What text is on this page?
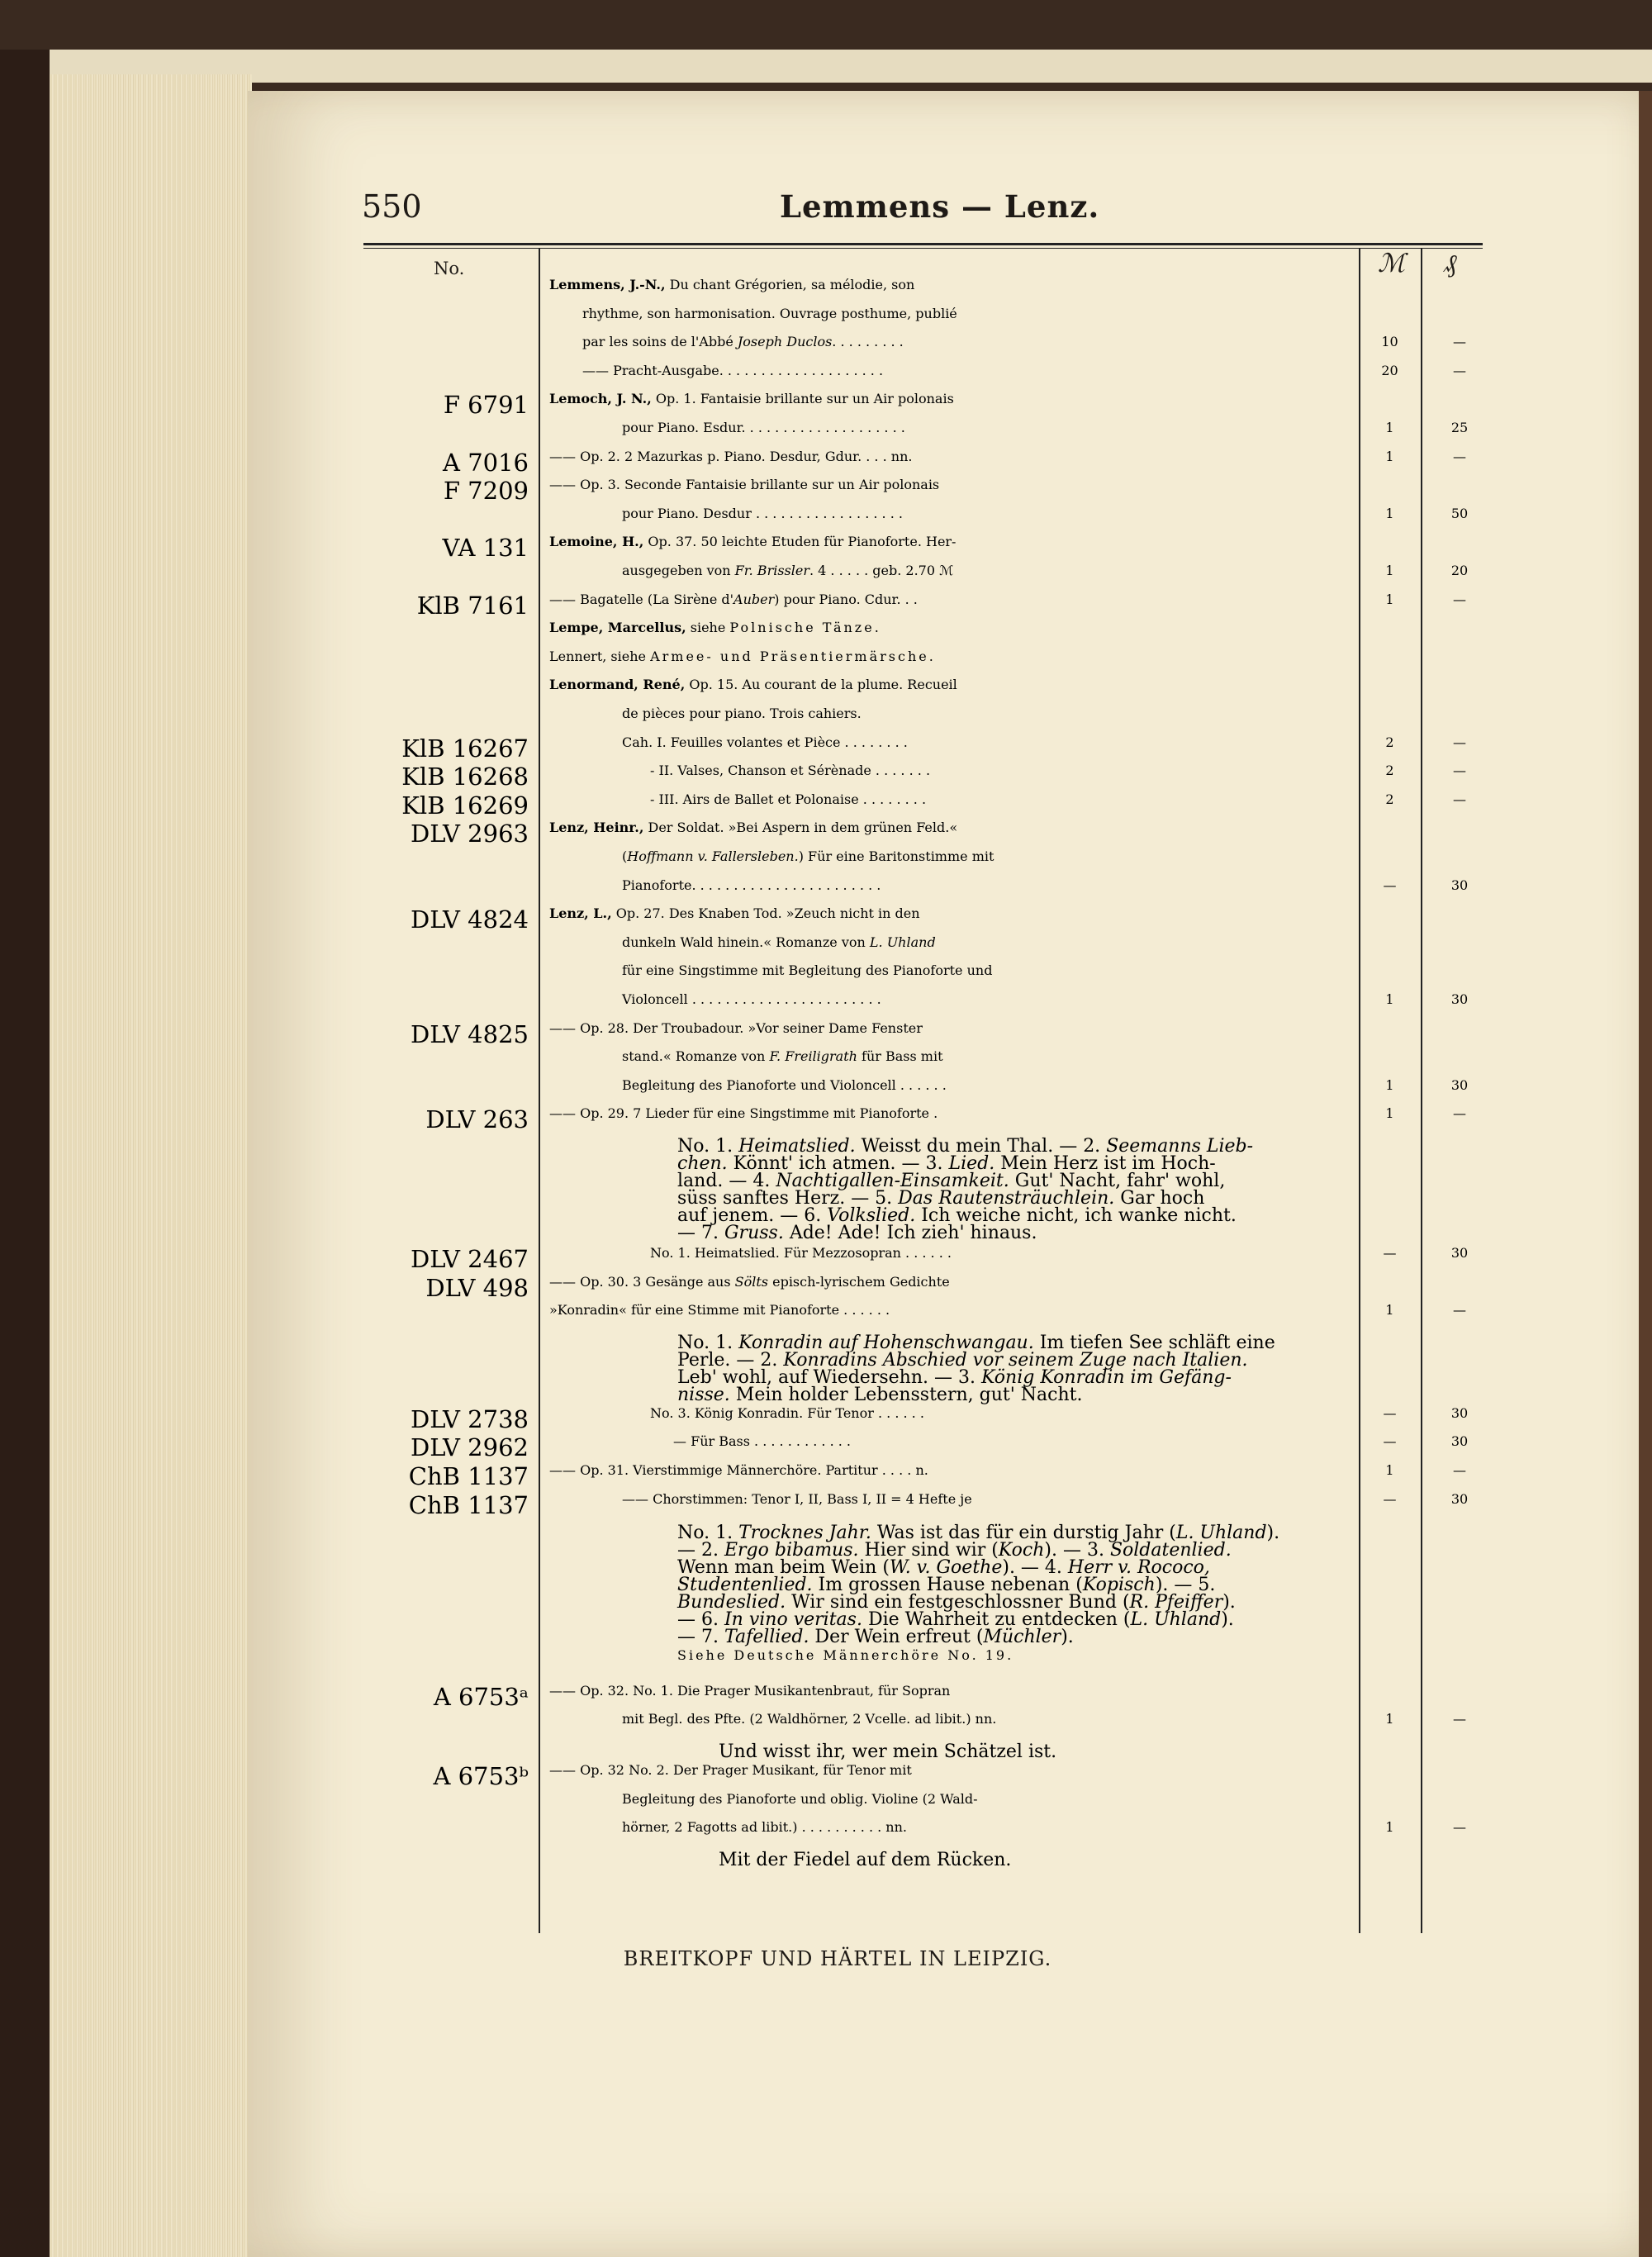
550	Lemmens — Lenz.
No.	ℳ ₰
Lemmens, J.-N., Du chant Grégorien, sa mélodie, son
rhythme, son harmonisation. Ouvrage posthume, publié
par les soins de l'Abbé Joseph Duclos. . . . . . . . .	10	—
—— Pracht-Ausgabe. . . . . . . . . . . . . . . . . . . .	20	—
F 6791 Lemoch, J. N., Op. 1. Fantaisie brillante sur un Air polonais
pour Piano. Esdur. . . . . . . . . . . . . . . . . . . .	1	25
A 7016 —— Op. 2. 2 Mazurkas p. Piano. Desdur, Gdur. . . . nn.	1	—
F 7209 —— Op. 3. Seconde Fantaisie brillante sur un Air polonais
pour Piano. Desdur . . . . . . . . . . . . . . . . . .	1	50
VA 131 Lemoine, H., Op. 37. 50 leichte Etuden für Pianoforte. Her-
ausgegeben von Fr. Brissler. 4 . . . . . geb. 2.70 ℳ	1	20
KlB 7161 —— Bagatelle (La Sirène d'Auber) pour Piano. Cdur. . .	1	—
Lempe, Marcellus, siehe Polnische Tänze.
Lennert, siehe Armee- und Präsentiermärsche.
Lenormand, René, Op. 15. Au courant de la plume. Recueil
de pièces pour piano. Trois cahiers.
KlB 16267	Cah. I. Feuilles volantes et Pièce . . . . . . . .	2	—
KlB 16268	- II. Valses, Chanson et Sérènade . . . . . . .	2	—
KlB 16269	- III. Airs de Ballet et Polonaise . . . . . . . .	2	—
DLV 2963 Lenz, Heinr., Der Soldat. »Bei Aspern in dem grünen Feld.«
(Hoffmann v. Fallersleben.) Für eine Baritonstimme mit
Pianoforte. . . . . . . . . . . . . . . . . . . . . . .	—	30
DLV 4824 Lenz, L., Op. 27. Des Knaben Tod. »Zeuch nicht in den
dunkeln Wald hinein.« Romanze von L. Uhland
für eine Singstimme mit Begleitung des Pianoforte und
Violoncell . . . . . . . . . . . . . . . . . . . . . . .	1	30
DLV 4825 —— Op. 28. Der Troubadour. »Vor seiner Dame Fenster
stand.« Romanze von F. Freiligrath für Bass mit
Begleitung des Pianoforte und Violoncell . . . . . .	1	30
DLV 263 —— Op. 29. 7 Lieder für eine Singstimme mit Pianoforte .	1	—
No. 1. Heimatslied. Weisst du mein Thal. — 2. Seemanns Lieb-
chen. Könnt' ich atmen. — 3. Lied. Mein Herz ist im Hoch-
land. — 4. Nachtigallen-Einsamkeit. Gut' Nacht, fahr' wohl,
süss sanftes Herz. — 5. Das Rautensträuchlein. Gar hoch
auf jenem. — 6. Volkslied. Ich weiche nicht, ich wanke nicht.
— 7. Gruss. Ade! Ade! Ich zieh' hinaus.
DLV 2467	No. 1. Heimatslied. Für Mezzosopran . . . . . .	—	30
DLV 498 —— Op. 30. 3 Gesänge aus Sölts episch-lyrischem Gedichte
»Konradin« für eine Stimme mit Pianoforte . . . . . .	1	—
No. 1. Konradin auf Hohenschwangau. Im tiefen See schläft eine
Perle. — 2. Konradins Abschied vor seinem Zuge nach Italien.
Leb' wohl, auf Wiedersehn. — 3. König Konradin im Gefäng-
nisse. Mein holder Lebensstern, gut' Nacht.
DLV 2738	No. 3. König Konradin. Für Tenor . . . . . .	—	30
DLV 2962	— Für Bass . . . . . . . . . . . .	—	30
ChB 1137 —— Op. 31. Vierstimmige Männerchöre. Partitur . . . . n.	1	—
ChB 1137	—— Chorstimmen: Tenor I, II, Bass I, II = 4 Hefte je	—	30
No. 1. Trocknes Jahr. Was ist das für ein durstig Jahr (L. Uhland).
— 2. Ergo bibamus. Hier sind wir (Koch). — 3. Soldatenlied.
Wenn man beim Wein (W. v. Goethe). — 4. Herr v. Rococo,
Studentenlied. Im grossen Hause nebenan (Kopisch). — 5.
Bundeslied. Wir sind ein festgeschlossner Bund (R. Pfeiffer).
— 6. In vino veritas. Die Wahrheit zu entdecken (L. Uhland).
— 7. Tafellied. Der Wein erfreut (Müchler).
Siehe Deutsche Männerchöre No. 19.
A 6753ᵃ —— Op. 32. No. 1. Die Prager Musikantenbraut, für Sopran
mit Begl. des Pfte. (2 Waldhörner, 2 Vcelle. ad libit.) nn.	1	—
Und wisst ihr, wer mein Schätzel ist.
A 6753ᵇ —— Op. 32 No. 2. Der Prager Musikant, für Tenor mit
Begleitung des Pianoforte und oblig. Violine (2 Wald-
hörner, 2 Fagotts ad libit.) . . . . . . . . . . nn.	1	—
Mit der Fiedel auf dem Rücken.
BREITKOPF UND HÄRTEL IN LEIPZIG.
